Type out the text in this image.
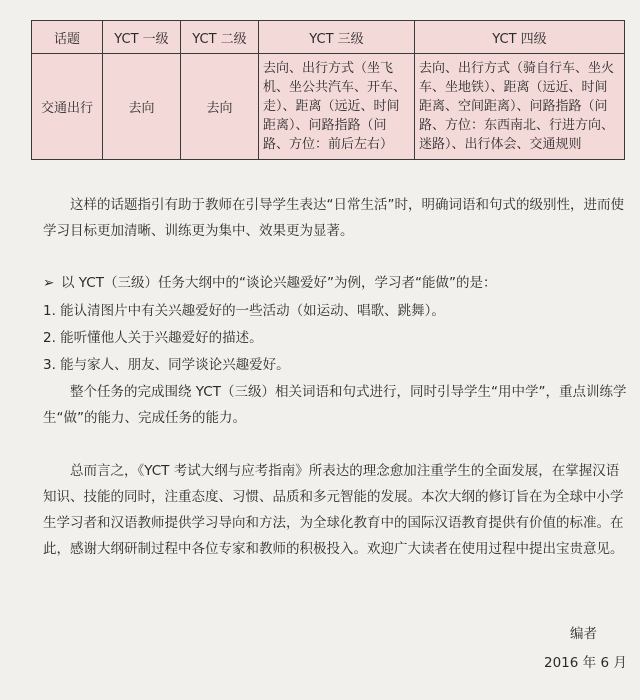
话题	YCT 一级	YCT 二级	YCT 三级	YCT 四级
交通出行	去向	去向	去向、出行方式（坐飞机、坐公共汽车、开车、走）、距离（远近、时间距离）、问路指路（问路、方位：前后左右）	去向、出行方式（骑自行车、坐火车、坐地铁）、距离（远近、时间距离、空间距离）、问路指路（问路、方位：东西南北、行进方向、迷路）、出行体会、交通规则

这样的话题指引有助于教师在引导学生表达“日常生活”时，明确词语和句式的级别性，进而使学习目标更加清晰、训练更为集中、效果更为显著。

➢ 以 YCT（三级）任务大纲中的“谈论兴趣爱好”为例，学习者“能做”的是：

1. 能认清图片中有关兴趣爱好的一些活动（如运动、唱歌、跳舞）。

2. 能听懂他人关于兴趣爱好的描述。

3. 能与家人、朋友、同学谈论兴趣爱好。

整个任务的完成围绕 YCT（三级）相关词语和句式进行，同时引导学生“用中学”，重点训练学生“做”的能力、完成任务的能力。

总而言之，《YCT 考试大纲与应考指南》所表达的理念愈加注重学生的全面发展，在掌握汉语知识、技能的同时，注重态度、习惯、品质和多元智能的发展。本次大纲的修订旨在为全球中小学生学习者和汉语教师提供学习导向和方法，为全球化教育中的国际汉语教育提供有价值的标准。在此，感谢大纲研制过程中各位专家和教师的积极投入。欢迎广大读者在使用过程中提出宝贵意见。

编者
2016 年 6 月
